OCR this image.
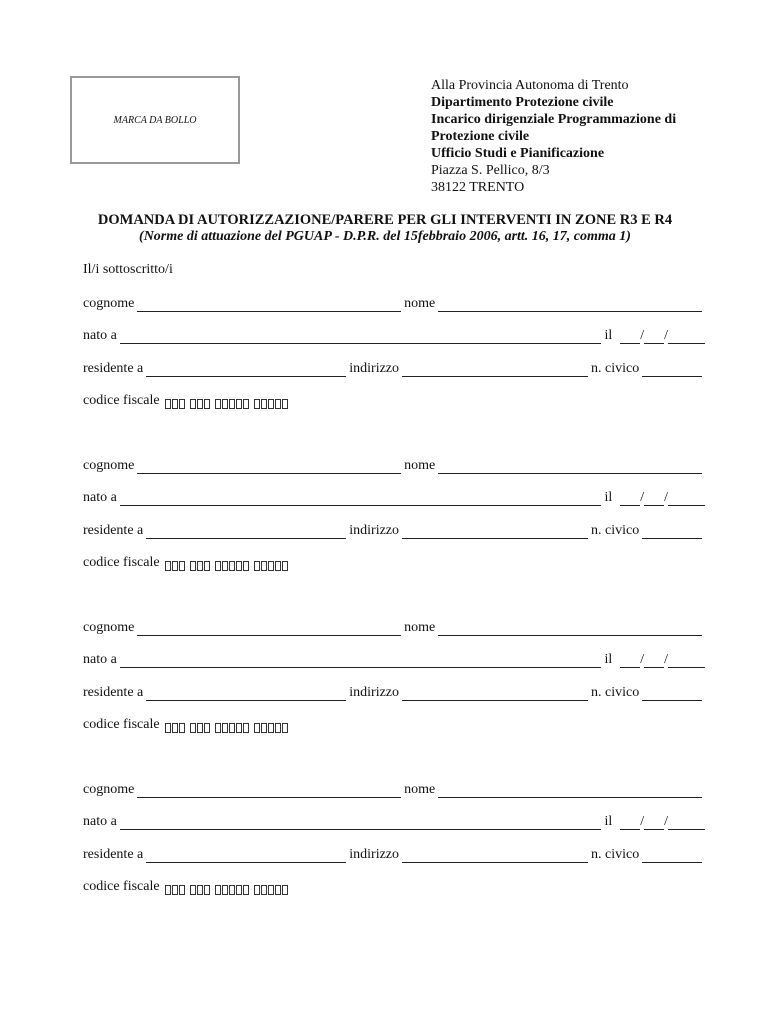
MARCA DA BOLLO
Alla Provincia Autonoma di Trento
Dipartimento Protezione civile
Incarico dirigenziale Programmazione di
Protezione civile
Ufficio Studi e Pianificazione
Piazza S. Pellico, 8/3
38122 TRENTO
DOMANDA DI AUTORIZZAZIONE/PARERE PER GLI INTERVENTI IN ZONE R3 E R4
(Norme di attuazione del PGUAP - D.P.R. del 15febbraio 2006, artt. 16, 17, comma 1)
Il/i sottoscritto/i
cognome	nome
nato a	il / /
residente a	indirizzo	n. civico
codice fiscale
cognome	nome
nato a	il / /
residente a	indirizzo	n. civico
codice fiscale
cognome	nome
nato a	il / /
residente a	indirizzo	n. civico
codice fiscale
cognome	nome
nato a	il / /
residente a	indirizzo	n. civico
codice fiscale
